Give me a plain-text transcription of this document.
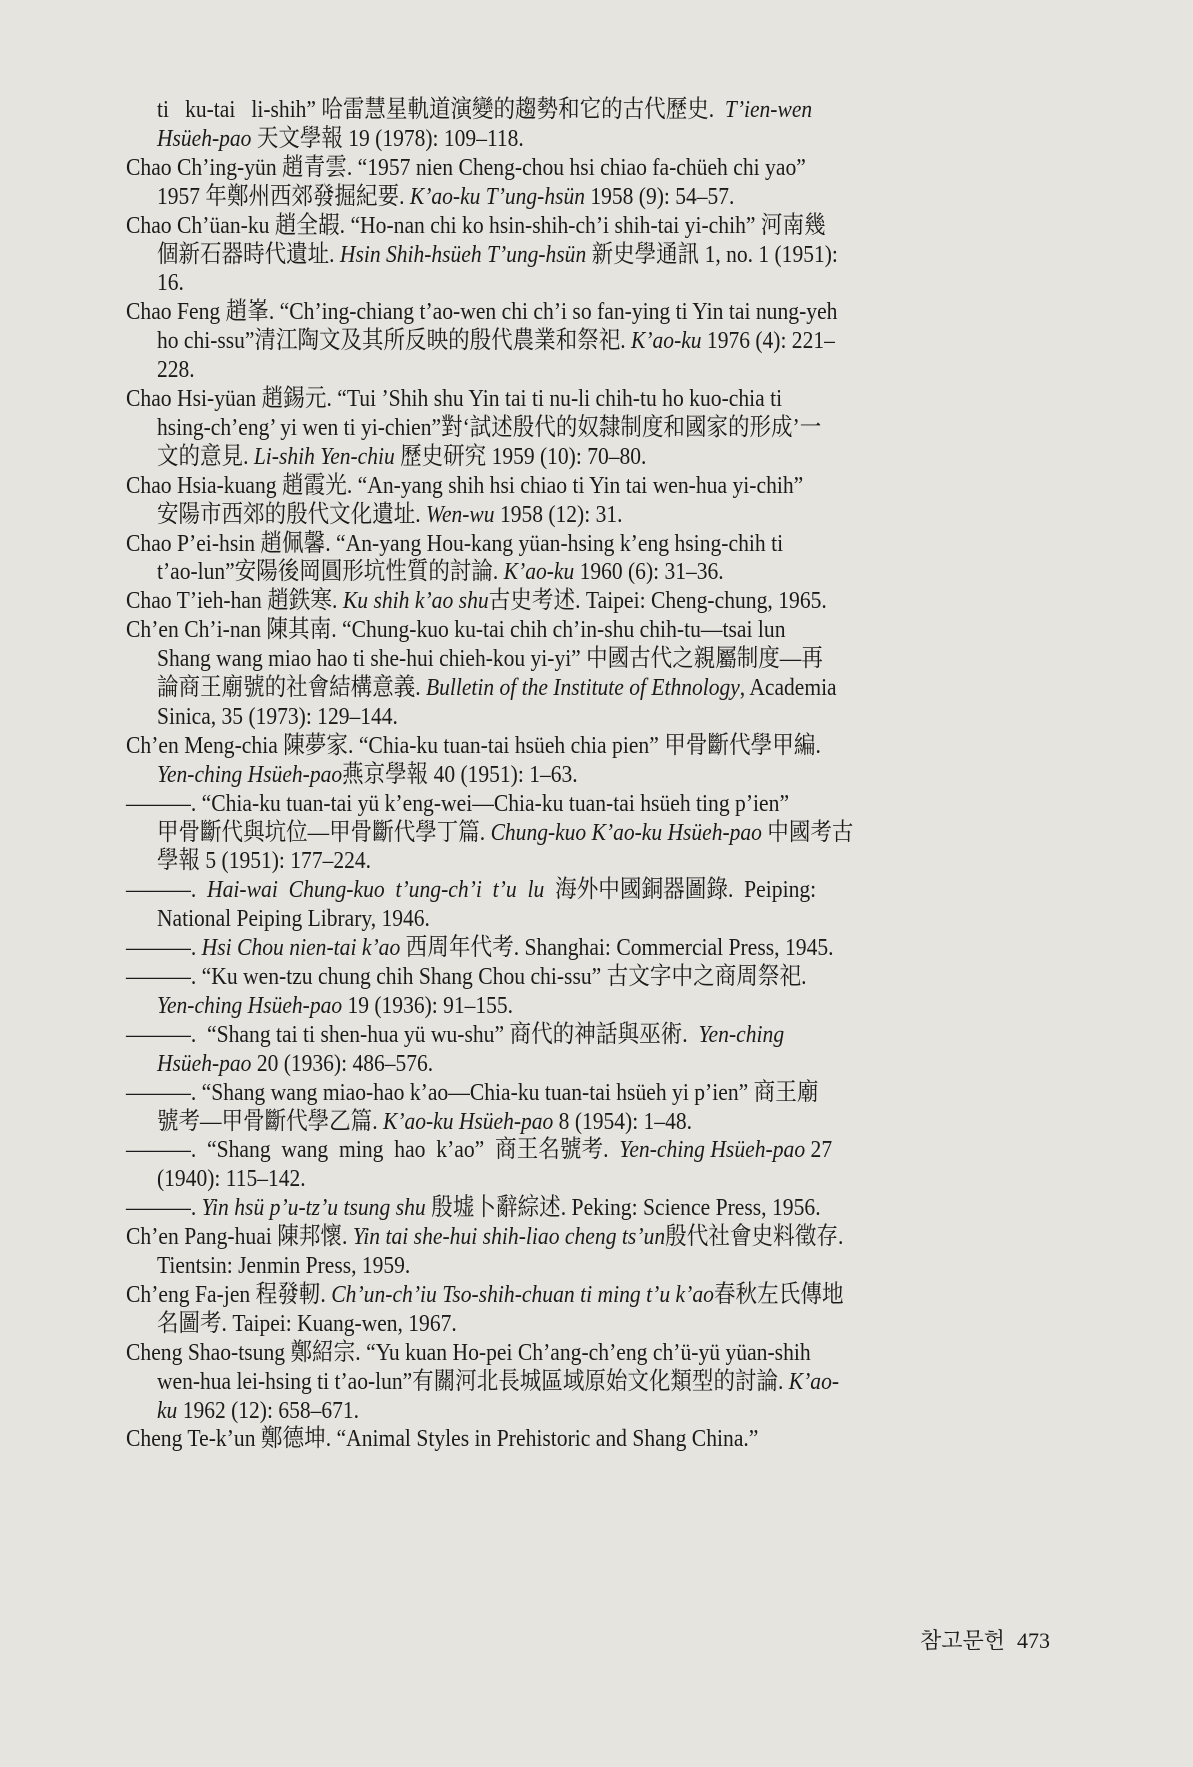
ti   ku-tai   li-shih” 哈雷慧星軌道演變的趨勢和它的古代歷史.  T’ien-wen
Hsüeh-pao 天文學報 19 (1978): 109–118.
Chao Ch’ing-yün 趙青雲. “1957 nien Cheng-chou hsi chiao fa-chüeh chi yao”
1957 年鄭州西郊發掘紀要. K’ao-ku T’ung-hsün 1958 (9): 54–57.
Chao Ch’üan-ku 趙全嘏. “Ho-nan chi ko hsin-shih-ch’i shih-tai yi-chih” 河南幾
個新石器時代遺址. Hsin Shih-hsüeh T’ung-hsün 新史學通訊 1, no. 1 (1951):
16.
Chao Feng 趙峯. “Ch’ing-chiang t’ao-wen chi ch’i so fan-ying ti Yin tai nung-yeh
ho chi-ssu”清江陶文及其所反映的殷代農業和祭祀. K’ao-ku 1976 (4): 221–
228.
Chao Hsi-yüan 趙錫元. “Tui ’Shih shu Yin tai ti nu-li chih-tu ho kuo-chia ti
hsing-ch’eng’ yi wen ti yi-chien”對‘試述殷代的奴隸制度和國家的形成’一
文的意見. Li-shih Yen-chiu 歷史研究 1959 (10): 70–80.
Chao Hsia-kuang 趙霞光. “An-yang shih hsi chiao ti Yin tai wen-hua yi-chih”
安陽市西郊的殷代文化遺址. Wen-wu 1958 (12): 31.
Chao P’ei-hsin 趙佩馨. “An-yang Hou-kang yüan-hsing k’eng hsing-chih ti
t’ao-lun”安陽後岡圓形坑性質的討論. K’ao-ku 1960 (6): 31–36.
Chao T’ieh-han 趙鉄寒. Ku shih k’ao shu古史考述. Taipei: Cheng-chung, 1965.
Ch’en Ch’i-nan 陳其南. “Chung-kuo ku-tai chih ch’in-shu chih-tu—tsai lun
Shang wang miao hao ti she-hui chieh-kou yi-yi” 中國古代之親屬制度—再
論商王廟號的社會結構意義. Bulletin of the Institute of Ethnology, Academia
Sinica, 35 (1973): 129–144.
Ch’en Meng-chia 陳夢家. “Chia-ku tuan-tai hsüeh chia pien” 甲骨斷代學甲編.
Yen-ching Hsüeh-pao燕京學報 40 (1951): 1–63.
———. “Chia-ku tuan-tai yü k’eng-wei—Chia-ku tuan-tai hsüeh ting p’ien”
甲骨斷代與坑位—甲骨斷代學丁篇. Chung-kuo K’ao-ku Hsüeh-pao 中國考古
學報 5 (1951): 177–224.
———.  Hai-wai  Chung-kuo  t’ung-ch’i  t’u  lu  海外中國銅器圖錄.  Peiping:
National Peiping Library, 1946.
———. Hsi Chou nien-tai k’ao 西周年代考. Shanghai: Commercial Press, 1945.
———. “Ku wen-tzu chung chih Shang Chou chi-ssu” 古文字中之商周祭祀.
Yen-ching Hsüeh-pao 19 (1936): 91–155.
———.  “Shang tai ti shen-hua yü wu-shu” 商代的神話與巫術.  Yen-ching
Hsüeh-pao 20 (1936): 486–576.
———. “Shang wang miao-hao k’ao—Chia-ku tuan-tai hsüeh yi p’ien” 商王廟
號考—甲骨斷代學乙篇. K’ao-ku Hsüeh-pao 8 (1954): 1–48.
———.  “Shang  wang  ming  hao  k’ao”  商王名號考.  Yen-ching Hsüeh-pao 27
(1940): 115–142.
———. Yin hsü p’u-tz’u tsung shu 殷墟卜辭綜述. Peking: Science Press, 1956.
Ch’en Pang-huai 陳邦懷. Yin tai she-hui shih-liao cheng ts’un殷代社會史料徵存.
Tientsin: Jenmin Press, 1959.
Ch’eng Fa-jen 程發軔. Ch’un-ch’iu Tso-shih-chuan ti ming t’u k’ao春秋左氏傳地
名圖考. Taipei: Kuang-wen, 1967.
Cheng Shao-tsung 鄭紹宗. “Yu kuan Ho-pei Ch’ang-ch’eng ch’ü-yü yüan-shih
wen-hua lei-hsing ti t’ao-lun”有關河北長城區域原始文化類型的討論. K’ao-
ku 1962 (12): 658–671.
Cheng Te-k’un 鄭德坤. “Animal Styles in Prehistoric and Shang China.”
참고문헌 473
